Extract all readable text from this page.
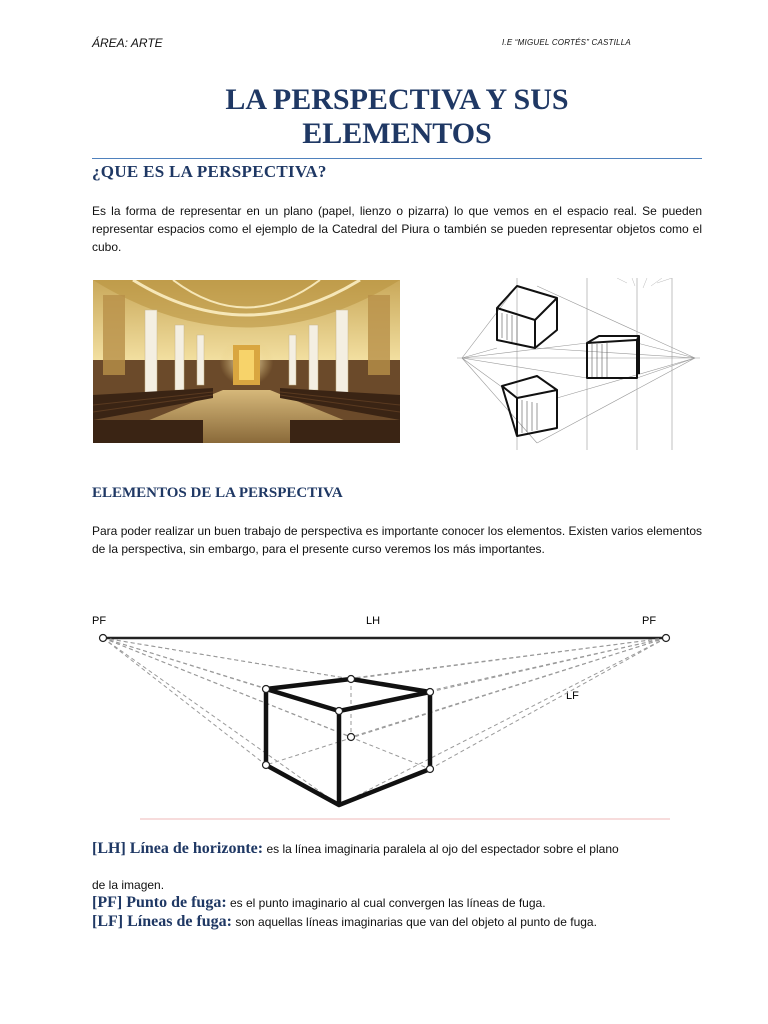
ÁREA: ARTE	I.E “MIGUEL CORTÉS” CASTILLA
LA PERSPECTIVA Y SUS
ELEMENTOS
¿QUE ES LA PERSPECTIVA?
Es la forma de representar en un plano (papel, lienzo o pizarra) lo que vemos en el espacio real. Se pueden representar espacios como el ejemplo de la Catedral del Piura o también se pueden representar objetos como el cubo.
ELEMENTOS DE LA PERSPECTIVA
Para poder realizar un buen trabajo de perspectiva es importante conocer los elementos. Existen varios elementos de la perspectiva, sin embargo, para el presente curso veremos los más importantes.
PF	LH	PF
LF
[LH] Línea de horizonte: es la línea imaginaria paralela al ojo del espectador sobre el plano
de la imagen.
[PF] Punto de fuga: es el punto imaginario al cual convergen las líneas de fuga.
[LF] Líneas de fuga: son aquellas líneas imaginarias que van del objeto al punto de fuga.
